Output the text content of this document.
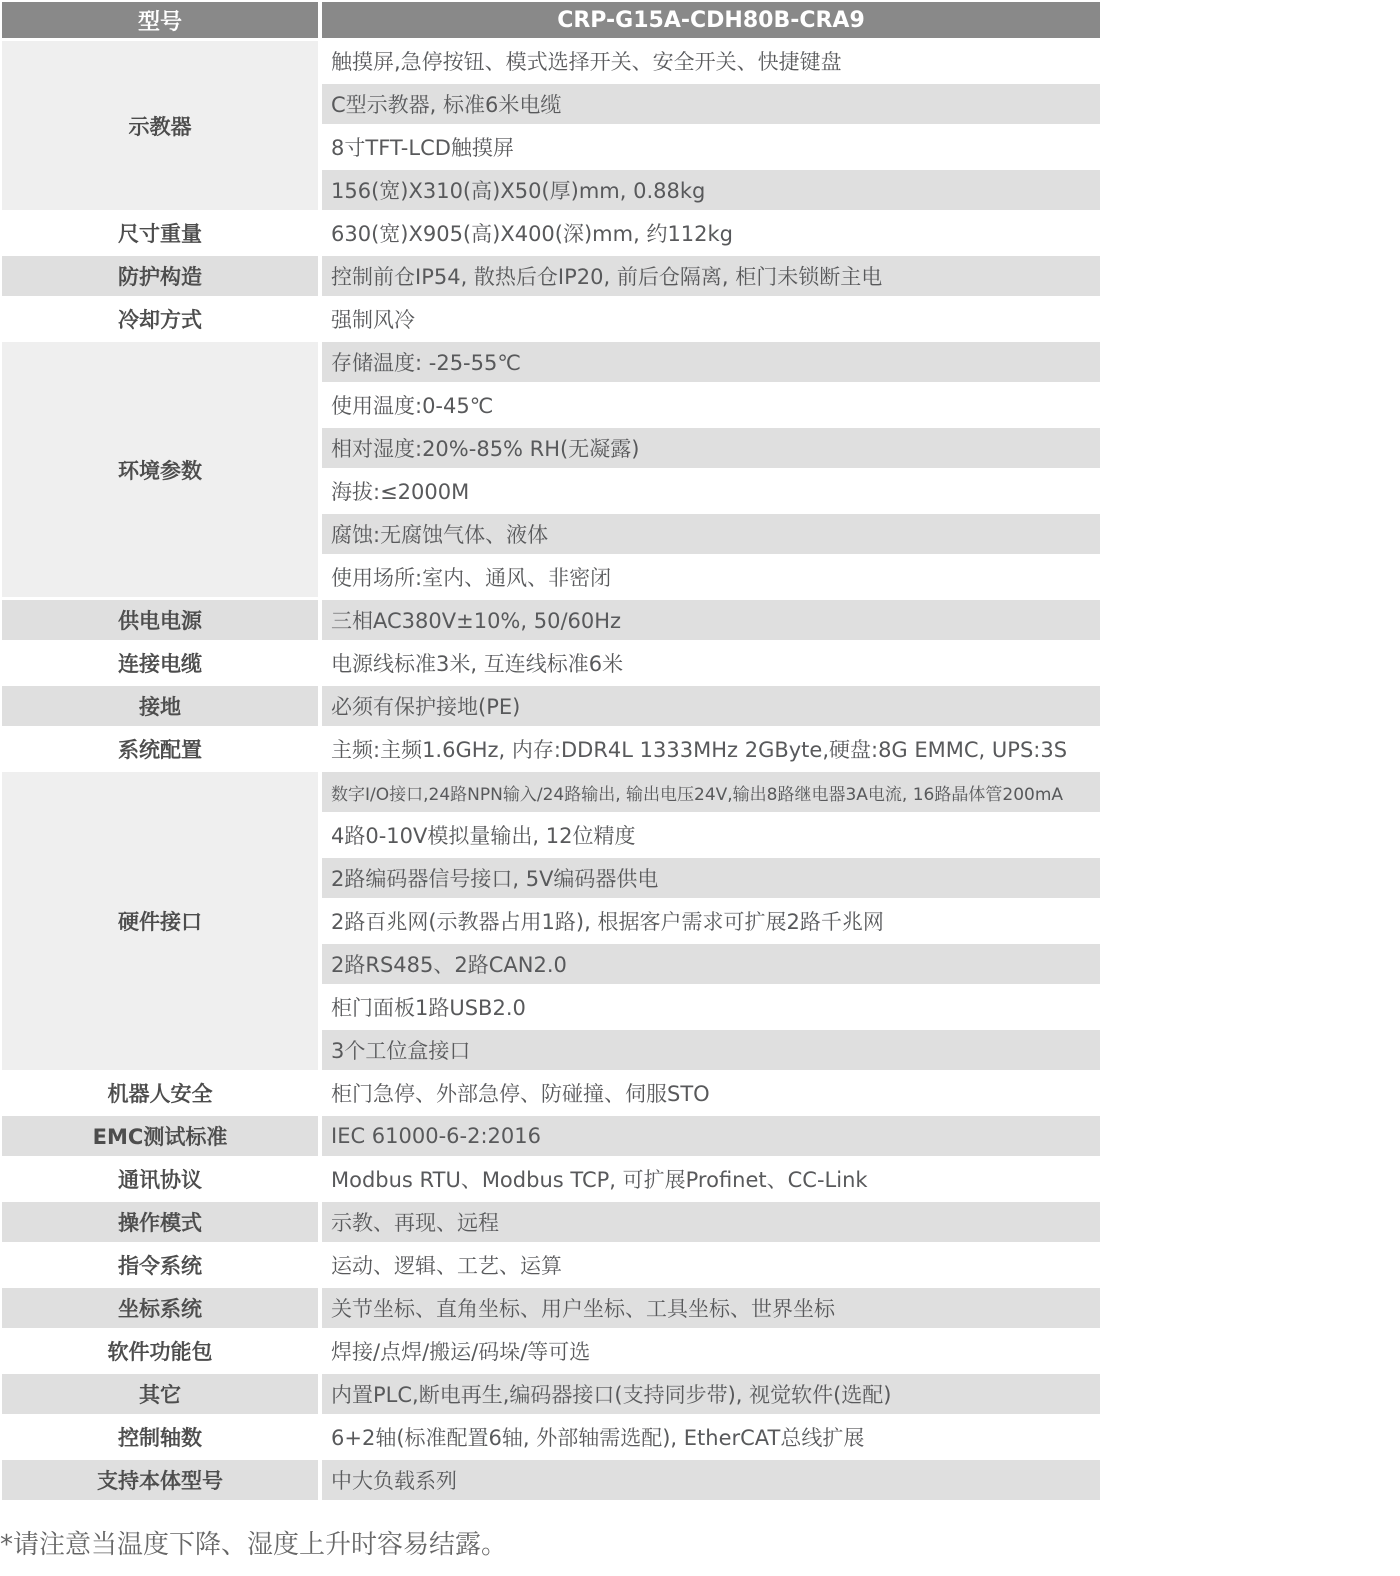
型号	CRP-G15A-CDH80B-CRA9
示教器
触摸屏,急停按钮、模式选择开关、安全开关、快捷键盘
C型示教器, 标准6米电缆
8寸TFT-LCD触摸屏
156(宽)X310(高)X50(厚)mm, 0.88kg
尺寸重量	630(宽)X905(高)X400(深)mm, 约112kg
防护构造	控制前仓IP54, 散热后仓IP20, 前后仓隔离, 柜门未锁断主电
冷却方式	强制风冷
环境参数
存储温度: -25-55℃
使用温度:0-45℃
相对湿度:20%-85% RH(无凝露)
海拔:≤2000M
腐蚀:无腐蚀气体、液体
使用场所:室内、通风、非密闭
供电电源	三相AC380V±10%, 50/60Hz
连接电缆	电源线标准3米, 互连线标准6米
接地	必须有保护接地(PE)
系统配置	主频:主频1.6GHz, 内存:DDR4L 1333MHz 2GByte,硬盘:8G EMMC, UPS:3S
硬件接口
数字I/O接口,24路NPN输入/24路输出, 输出电压24V,输出8路继电器3A电流, 16路晶体管200mA
4路0-10V模拟量输出, 12位精度
2路编码器信号接口, 5V编码器供电
2路百兆网(示教器占用1路), 根据客户需求可扩展2路千兆网
2路RS485、2路CAN2.0
柜门面板1路USB2.0
3个工位盒接口
机器人安全	柜门急停、外部急停、防碰撞、伺服STO
EMC测试标准	IEC 61000-6-2:2016
通讯协议	Modbus RTU、Modbus TCP, 可扩展Profinet、CC-Link
操作模式	示教、再现、远程
指令系统	运动、逻辑、工艺、运算
坐标系统	关节坐标、直角坐标、用户坐标、工具坐标、世界坐标
软件功能包	焊接/点焊/搬运/码垛/等可选
其它	内置PLC,断电再生,编码器接口(支持同步带), 视觉软件(选配)
控制轴数	6+2轴(标准配置6轴, 外部轴需选配), EtherCAT总线扩展
支持本体型号	中大负载系列
*请注意当温度下降、湿度上升时容易结露。
